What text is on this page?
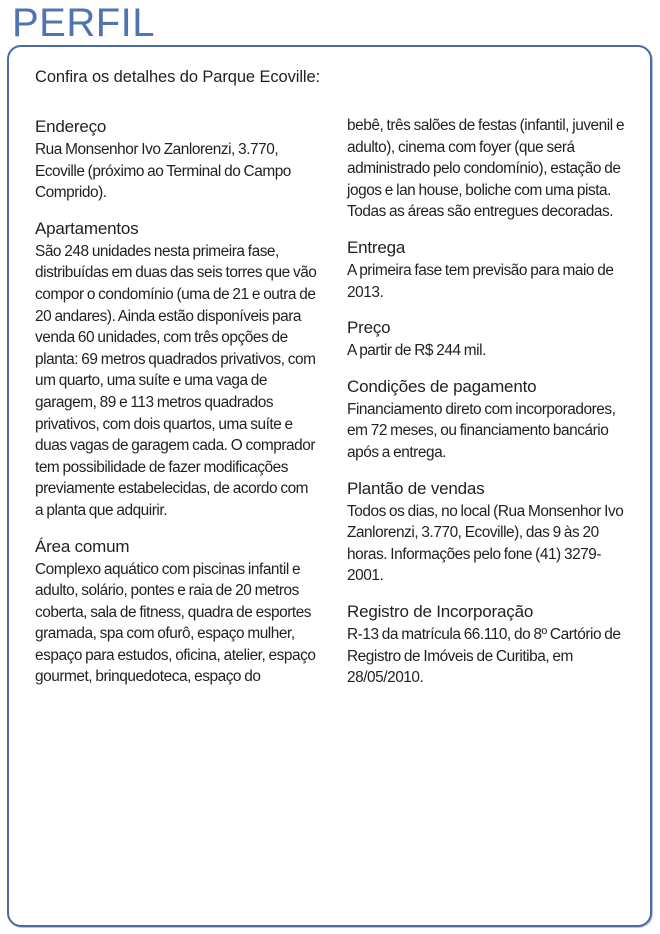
PERFIL
Confira os detalhes do Parque Ecoville:
Endereço

Rua Monsenhor Ivo Zanlorenzi, 3.770, Ecoville (próximo ao Terminal do Campo Comprido).

Apartamentos

São 248 unidades nesta primeira fase, distribuídas em duas das seis torres que vão compor o condomínio (uma de 21 e outra de 20 andares). Ainda estão disponíveis para venda 60 unidades, com três opções de planta: 69 metros quadrados privativos, com um quarto, uma suíte e uma vaga de garagem, 89 e 113 metros quadrados privativos, com dois quartos, uma suíte e duas vagas de garagem cada. O comprador tem possibilidade de fazer modificações previamente estabelecidas, de acordo com a planta que adquirir.

Área comum

Complexo aquático com piscinas infantil e adulto, solário, pontes e raia de 20 metros coberta, sala de fitness, quadra de esportes gramada, spa com ofurô, espaço mulher, espaço para estudos, oficina, atelier, espaço gourmet, brinquedoteca, espaço do

bebê, três salões de festas (infantil, juvenil e adulto), cinema com foyer (que será administrado pelo condomínio), estação de jogos e lan house, boliche com uma pista. Todas as áreas são entregues decoradas.

Entrega

A primeira fase tem previsão para maio de 2013.

Preço

A partir de R$ 244 mil.

Condições de pagamento

Financiamento direto com incorporadores, em 72 meses, ou financiamento bancário após a entrega.

Plantão de vendas

Todos os dias, no local (Rua Monsenhor Ivo Zanlorenzi, 3.770, Ecoville), das 9 às 20 horas. Informações pelo fone (41) 3279-2001.

Registro de Incorporação

R-13 da matrícula 66.110, do 8º Cartório de Registro de Imóveis de Curitiba, em 28/05/2010.
